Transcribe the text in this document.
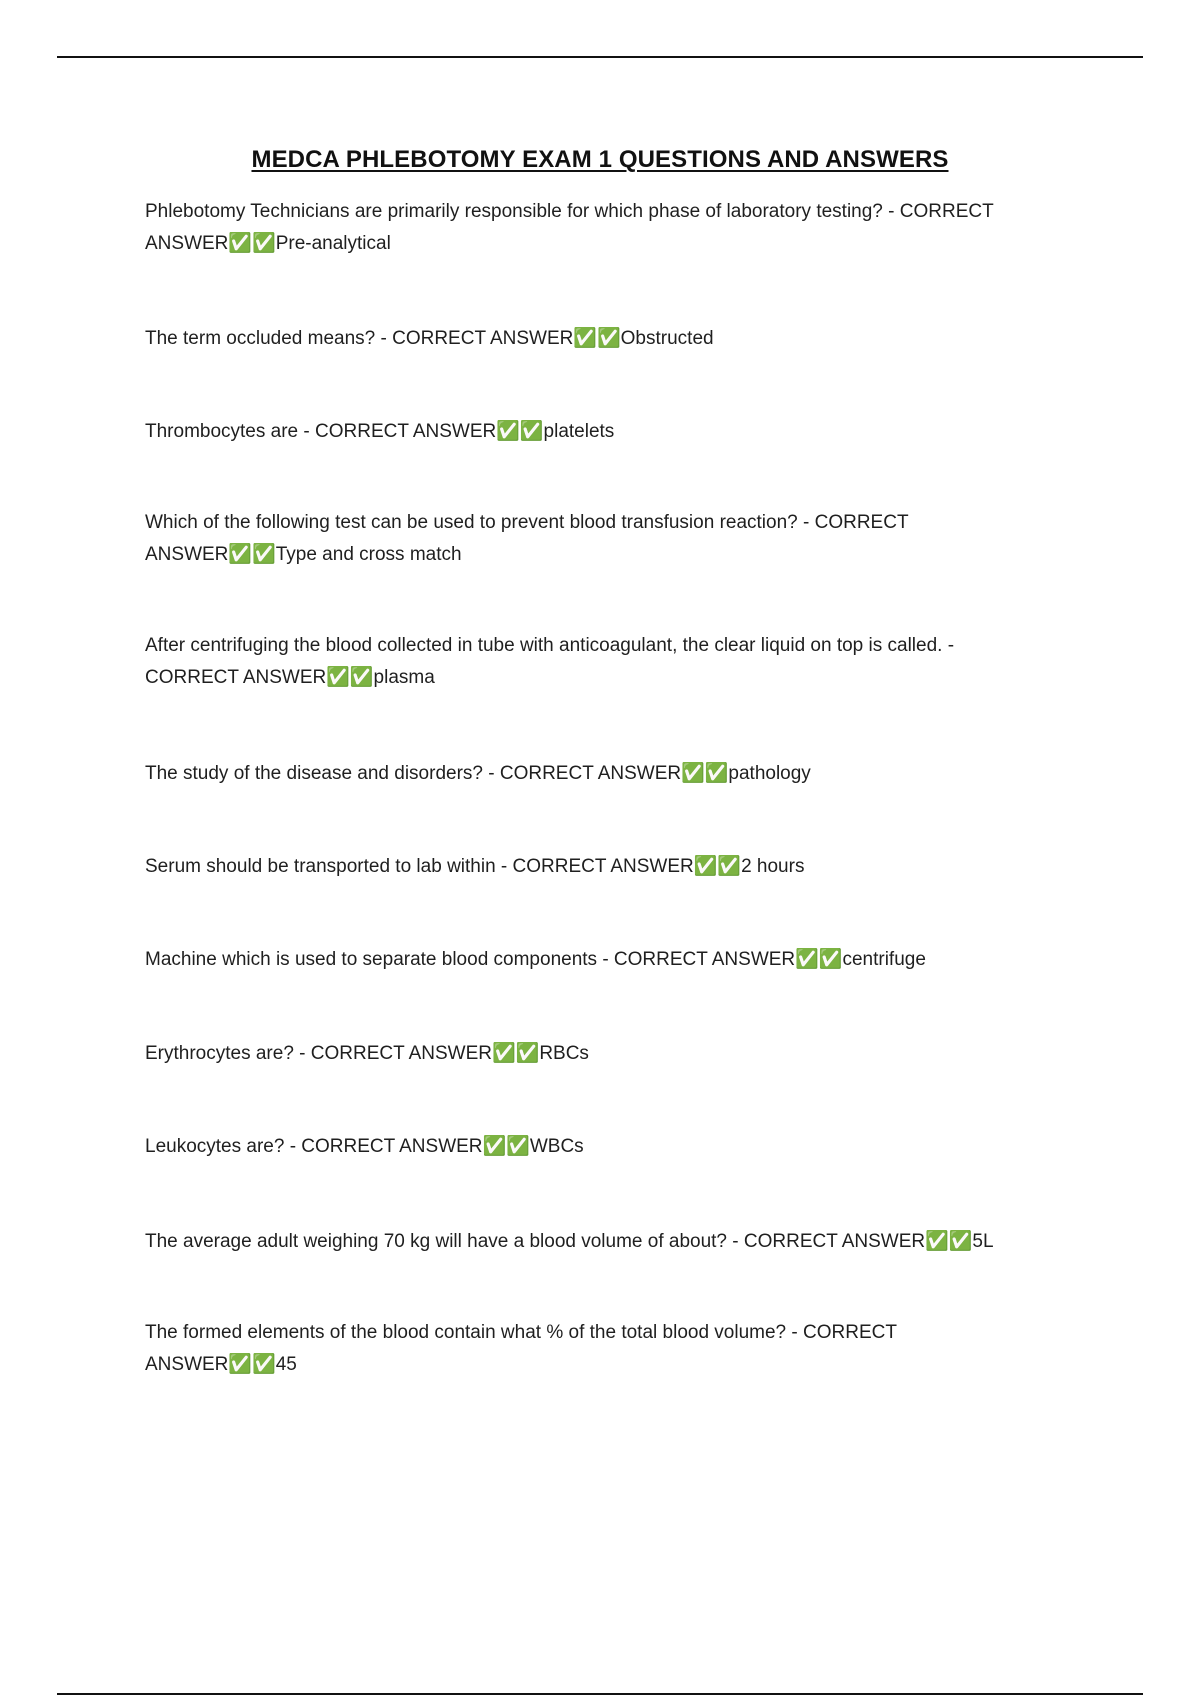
MEDCA PHLEBOTOMY EXAM 1 QUESTIONS AND ANSWERS
Phlebotomy Technicians are primarily responsible for which phase of laboratory testing? - CORRECT ANSWER✅✅Pre-analytical
The term occluded means? - CORRECT ANSWER✅✅Obstructed
Thrombocytes are - CORRECT ANSWER✅✅platelets
Which of the following test can be used to prevent blood transfusion reaction? - CORRECT ANSWER✅✅Type and cross match
After centrifuging the blood collected in tube with anticoagulant, the clear liquid on top is called. - CORRECT ANSWER✅✅plasma
The study of the disease and disorders? - CORRECT ANSWER✅✅pathology
Serum should be transported to lab within - CORRECT ANSWER✅✅2 hours
Machine which is used to separate blood components - CORRECT ANSWER✅✅centrifuge
Erythrocytes are? - CORRECT ANSWER✅✅RBCs
Leukocytes are? - CORRECT ANSWER✅✅WBCs
The average adult weighing 70 kg will have a blood volume of about? - CORRECT ANSWER✅✅5L
The formed elements of the blood contain what % of the total blood volume? - CORRECT ANSWER✅✅45
